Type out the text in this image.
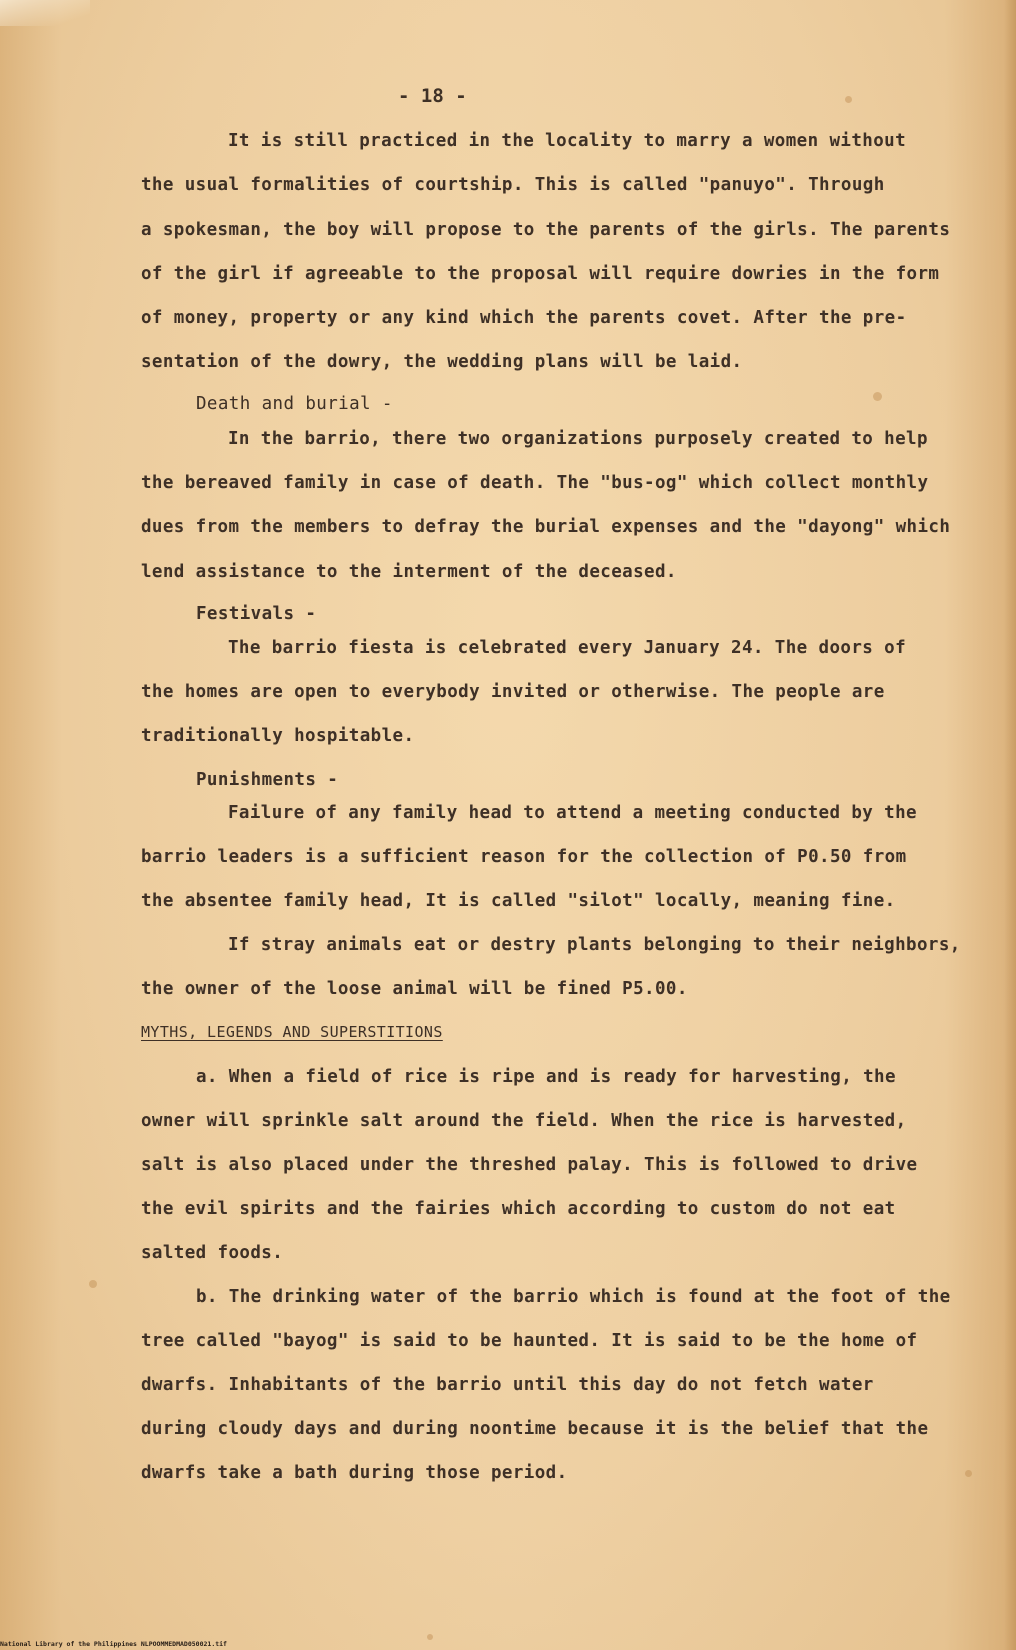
- 18 -
It is still practiced in the locality to marry a women without
the usual formalities of courtship. This is called "panuyo". Through
a spokesman, the boy will propose to the parents of the girls. The parents
of the girl if agreeable to the proposal will require dowries in the form
of money, property or any kind which the parents covet. After the pre-
sentation of the dowry, the wedding plans will be laid.
Death and burial -
In the barrio, there two organizations purposely created to help
the bereaved family in case of death. The "bus-og" which collect monthly
dues from the members to defray the burial expenses and the "dayong" which
lend assistance to the interment of the deceased.
Festivals -
The barrio fiesta is celebrated every January 24. The doors of
the homes are open to everybody invited or otherwise. The people are
traditionally hospitable.
Punishments -
Failure of any family head to attend a meeting conducted by the
barrio leaders is a sufficient reason for the collection of P0.50 from
the absentee family head, It is called "silot" locally, meaning fine.
If stray animals eat or destry plants belonging to their neighbors,
the owner of the loose animal will be fined P5.00.
MYTHS, LEGENDS AND SUPERSTITIONS
a. When a field of rice is ripe and is ready for harvesting, the
owner will sprinkle salt around the field. When the rice is harvested,
salt is also placed under the threshed palay. This is followed to drive
the evil spirits and the fairies which according to custom do not eat
salted foods.
b. The drinking water of the barrio which is found at the foot of the
tree called "bayog" is said to be haunted. It is said to be the home of
dwarfs. Inhabitants of the barrio until this day do not fetch water
during cloudy days and during noontime because it is the belief that the
dwarfs take a bath during those period.
National Library of the Philippines NLPOOMMEDMAD050021.tif
